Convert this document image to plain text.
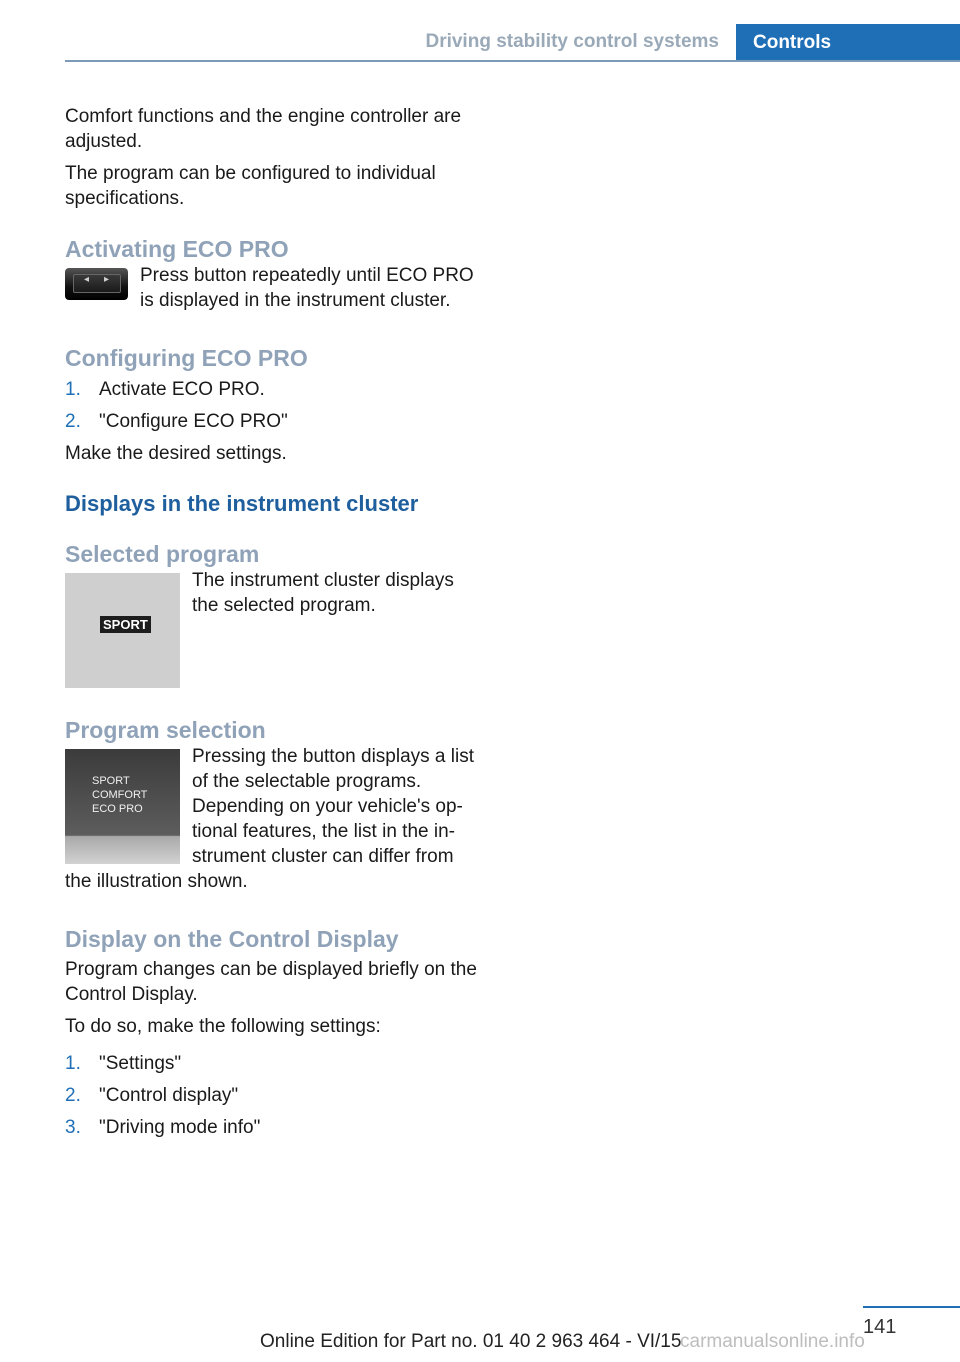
Driving stability control systems	Controls

Comfort functions and the engine controller are adjusted.

The program can be configured to individual specifications.

Activating ECO PRO
◂ ▸	Press button repeatedly until ECO PRO is displayed in the instrument cluster.

Configuring ECO PRO
1. Activate ECO PRO.
2. "Configure ECO PRO"

Make the desired settings.

Displays in the instrument cluster
Selected program
SPORT

The instrument cluster displays the selected program.

Program selection
SPORT
COMFORT
ECO PRO

Pressing the button displays a list of the selectable programs. Depending on your vehicle's optional features, the list in the instrument cluster can differ from the illustration shown.

Display on the Control Display

Program changes can be displayed briefly on the Control Display.

To do so, make the following settings:

1. "Settings"
2. "Control display"
3. "Driving mode info"
141
Online Edition for Part no. 01 40 2 963 464 - VI/15
carmanualsonline.info
